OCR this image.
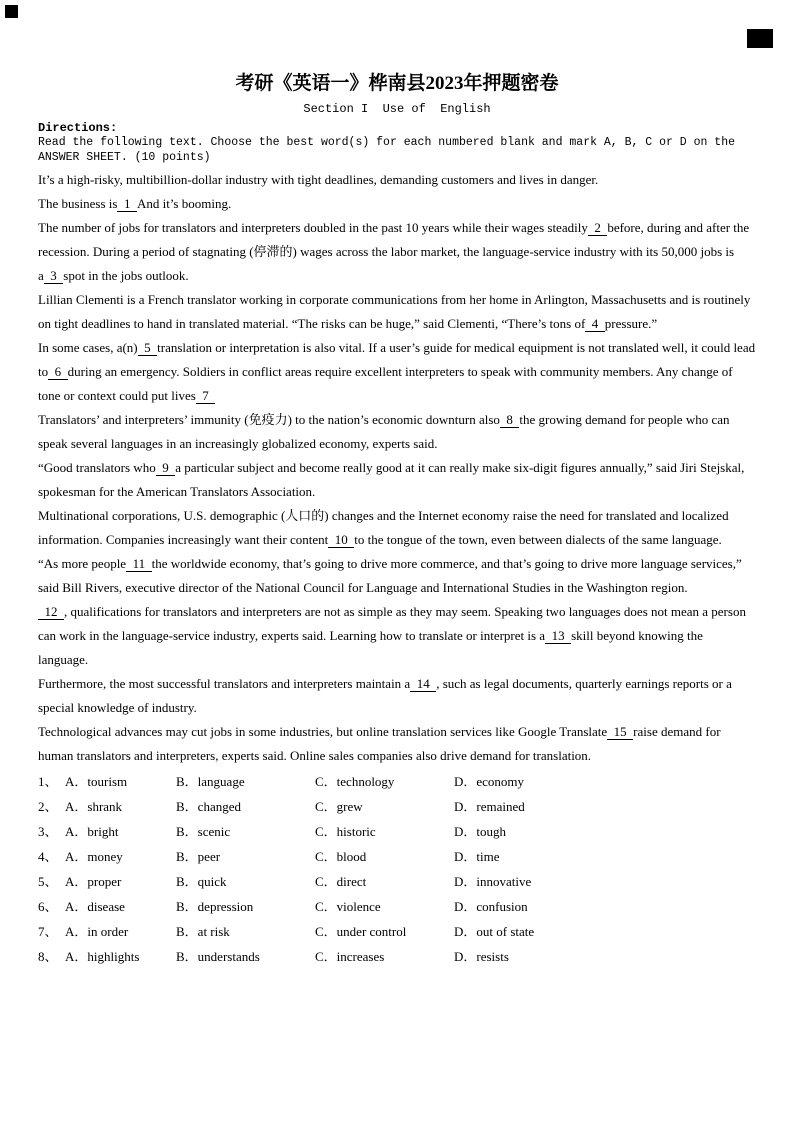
考研《英语一》桦南县2023年押题密卷
Section I  Use of  English
Directions:
Read the following text. Choose the best word(s) for each numbered blank and mark A, B, C or D on the
ANSWER SHEET. (10 points)

It’s a high-risky, multibillion-dollar industry with tight deadlines, demanding customers and lives in danger.

The business is  1  And it’s booming.

The number of jobs for translators and interpreters doubled in the past 10 years while their wages steadily  2  before, during and after the recession. During a period of stagnating (停滞的) wages across the labor market, the language-service industry with its 50,000 jobs is a  3  spot in the jobs outlook.

Lillian Clementi is a French translator working in corporate communications from her home in Arlington, Massachusetts and is routinely on tight deadlines to hand in translated material. “The risks can be huge,” said Clementi, “There’s tons of  4  pressure.”

In some cases, a(n)  5  translation or interpretation is also vital. If a user’s guide for medical equipment is not translated well, it could lead to  6  during an emergency. Soldiers in conflict areas require excellent interpreters to speak with community members. Any change of tone or context could put lives  7

Translators’ and interpreters’ immunity (免疫力) to the nation’s economic downturn also  8  the growing demand for people who can speak several languages in an increasingly globalized economy, experts said.

“Good translators who  9  a particular subject and become really good at it can really make six-digit figures annually,” said Jiri Stejskal, spokesman for the American Translators Association.

Multinational corporations, U.S. demographic (人口的) changes and the Internet economy raise the need for translated and localized information. Companies increasingly want their content  10  to the tongue of the town, even between dialects of the same language.

“As more people  11  the worldwide economy, that’s going to drive more commerce, and that’s going to drive more language services,” said Bill Rivers, executive director of the National Council for Language and International Studies in the Washington region.

12  , qualifications for translators and interpreters are not as simple as they may seem. Speaking two languages does not mean a person can work in the language-service industry, experts said. Learning how to translate or interpret is a  13  skill beyond knowing the language.

Furthermore, the most successful translators and interpreters maintain a  14  , such as legal documents, quarterly earnings reports or a special knowledge of industry.

Technological advances may cut jobs in some industries, but online translation services like Google Translate  15  raise demand for human translators and interpreters, experts said. Online sales companies also drive demand for translation.

1、 A．tourism	B．language	C．technology	D．economy
2、 A．shrank	B．changed	C．grew	D．remained
3、 A．bright	B．scenic	C．historic	D．tough
4、 A．money	B．peer	C．blood	D．time
5、 A．proper	B．quick	C．direct	D．innovative
6、 A．disease	B．depression	C．violence	D．confusion
7、 A．in order	B．at risk	C．under control	D．out of state
8、 A．highlights	B．understands	C．increases	D．resists
